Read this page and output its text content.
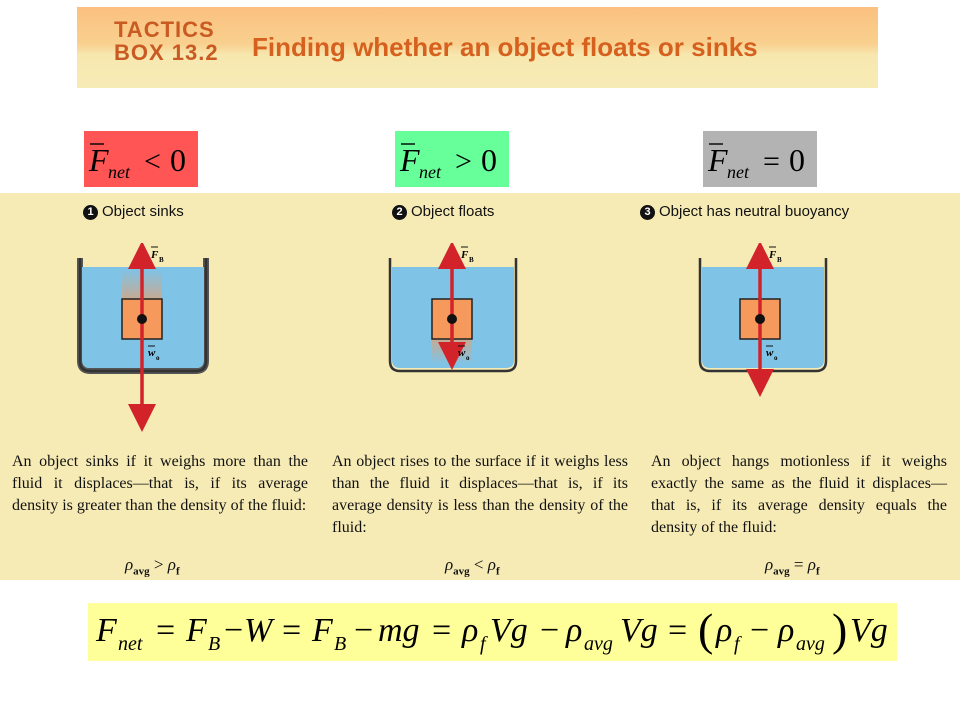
TACTICS
BOX 13.2 Finding whether an object floats or sinks
F net < 0	F net > 0	F net = 0
1 Object sinks
F B
w o
An object sinks if it weighs more than the fluid it displaces—that is, if its average density is greater than the density of the fluid:
$\rho_{avg} > \rho_f$
2 Object floats
F B
w o
An object rises to the surface if it weighs less than the fluid it displaces—that is, if its average density is less than the density of the fluid:
$\rho_{avg} < \rho_f$
3 Object has neutral buoyancy
F B
w o
An object hangs motionless if it weighs exactly the same as the fluid it displaces—that is, if its average density equals the density of the fluid:
$\rho_{avg} = \rho_f$
F net = F B − W = F B − mg = ρ f Vg − ρ avg Vg = ( ρ f − ρ avg ) Vg
